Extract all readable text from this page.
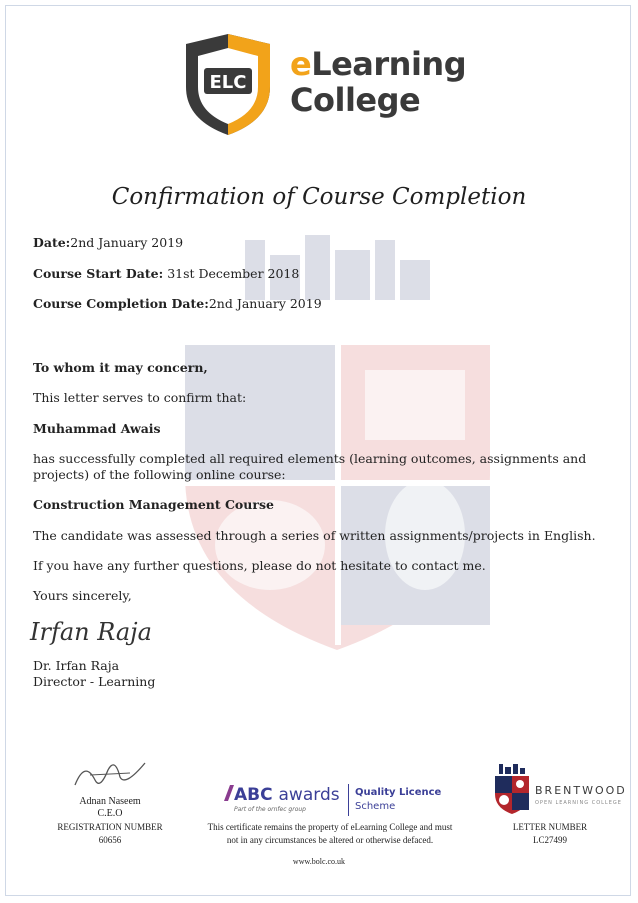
ELC eLearning
College
Confirmation of Course Completion
Date:2nd January 2019
Course Start Date: 31st December 2018
Course Completion Date:2nd January 2019
To whom it may concern,
This letter serves to confirm that:
Muhammad Awais
has successfully completed all required elements (learning outcomes, assignments and projects) of the following online course:
Construction Management Course
The candidate was assessed through a series of written assignments/projects in English.
If you have any further questions, please do not hesitate to contact me.
Yours sincerely,
Irfan Raja
Dr. Irfan Raja
Director - Learning
Adnan Naseem
C.E.O
REGISTRATION NUMBER
60656
ABC awards
Part of the ornfec group
Quality Licence
Scheme
This certificate remains the property of eLearning College and must
not in any circumstances be altered or otherwise defaced.
BRENTWOOD
OPEN LEARNING COLLEGE
LETTER NUMBER
LC27499
www.bolc.co.uk
